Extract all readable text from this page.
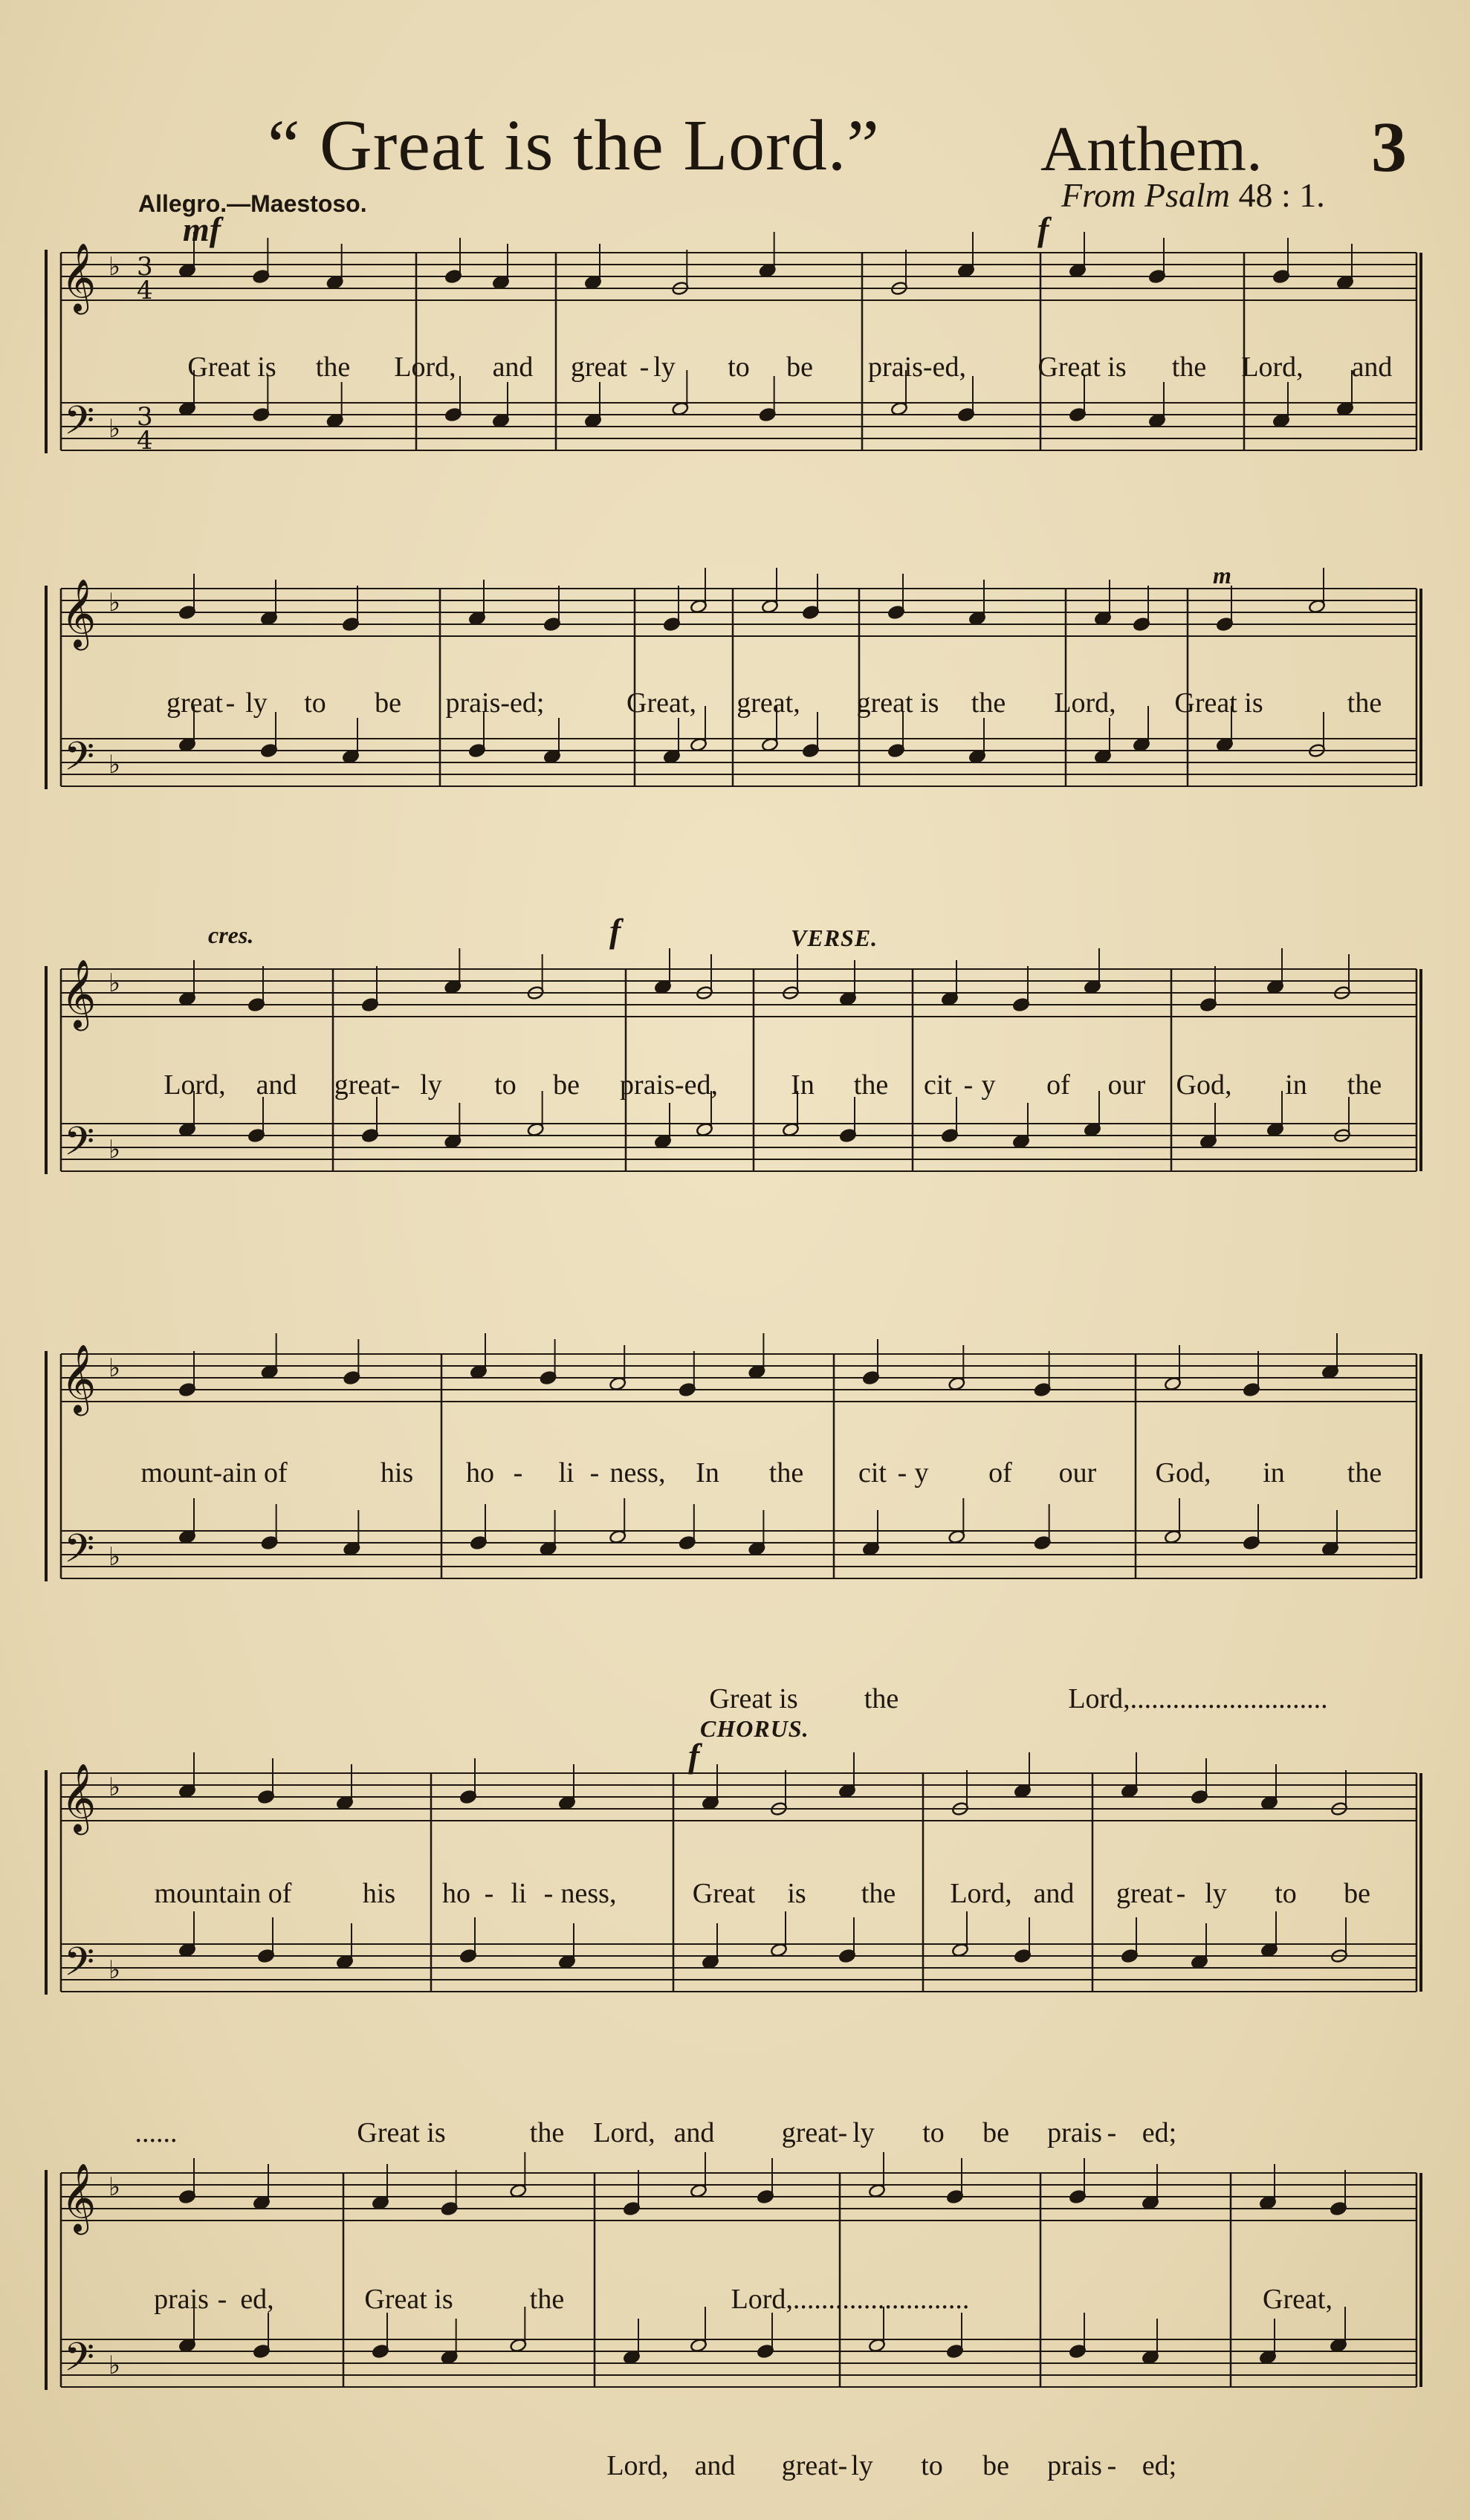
“ Great is the Lord.”	Anthem. 3
Allegro.—Maestoso.	From Psalm 48 : 1.
mf	f
m
cres.	f	VERSE.
CHORUS.
f
𝄞
𝄢
♭
♭
3
4
3
4
𝄞
𝄢
♭
♭
𝄞
𝄢
♭
♭
𝄞
𝄢
♭
♭
𝄞
𝄢
♭
♭
𝄞
𝄢
♭
♭
Great is the Lord, and great - ly to be prais-ed,	Great is the Lord, and
great - ly to be prais-ed;	Great, great, great is the Lord, Great is	the
Lord, and great- ly to be prais-ed,	In the cit - y of our God, in the
mount-ain of	his ho - li - ness, In the cit - y of our God, in the
Great is the	Lord,............................
mountain of	his ho - li - ness,	Great is the Lord, and great - ly to be
......	Great is	the Lord, and great- ly to be prais - ed;
prais - ed,	Great is	the	Lord,.........................	Great,
Lord, and great- ly to be prais - ed;
